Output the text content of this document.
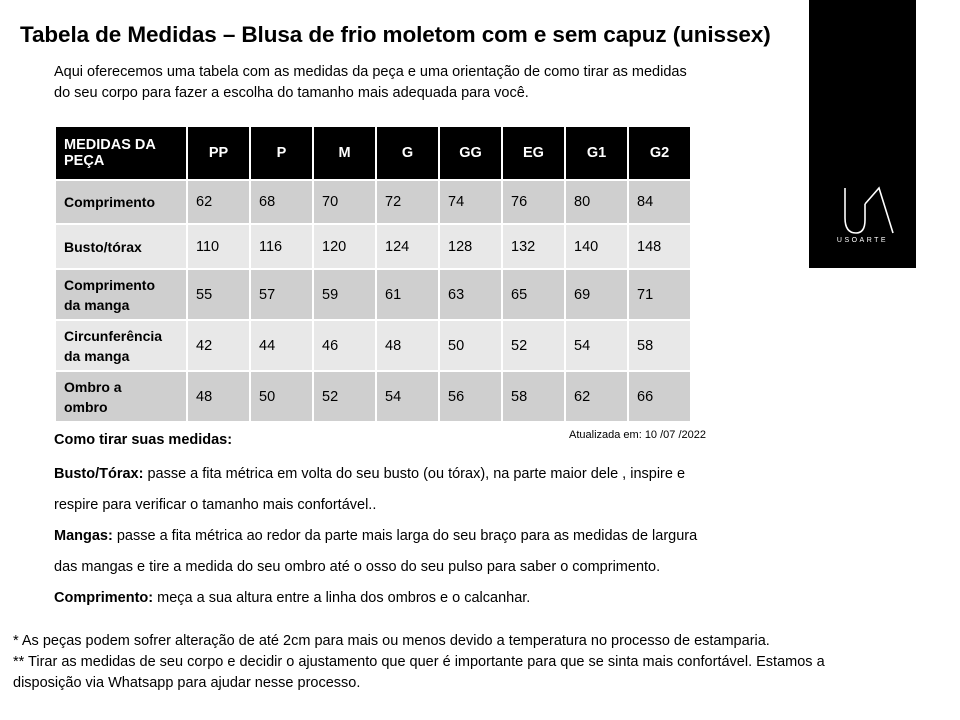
Tabela de Medidas – Blusa de frio moletom com e sem capuz (unissex)
Aqui oferecemos uma tabela com as medidas da peça e uma orientação de como tirar as medidas
do seu corpo para fazer a escolha do tamanho mais adequada para você.
USOARTE
MEDIDAS DA
PEÇA	PP	P	M	G	GG	EG	G1	G2

Comprimento	62	68	70	72	74	76	80	84

Busto/tórax	110	116	120	124	128	132	140	148

Comprimento
da manga	55	57	59	61	63	65	69	71

Circunferência
da manga	42	44	46	48	50	52	54	58

Ombro a
ombro	48	50	52	54	56	58	62	66
Atualizada em: 10 /07 /2022
Como tirar suas medidas:

Busto/Tórax: passe a fita métrica em volta do seu busto (ou tórax), na parte maior dele , inspire e

respire para verificar o tamanho mais confortável..

Mangas: passe a fita métrica ao redor da parte mais larga do seu braço para as medidas de largura

das mangas e tire a medida do seu ombro até o osso do seu pulso para saber o comprimento.

Comprimento: meça a sua altura entre a linha dos ombros e o calcanhar.

* As peças podem sofrer alteração de até 2cm para mais ou menos devido a temperatura no processo de estamparia.

** Tirar as medidas de seu corpo e decidir o ajustamento que quer é importante para que se sinta mais confortável. Estamos a

disposição via Whatsapp para ajudar nesse processo.
